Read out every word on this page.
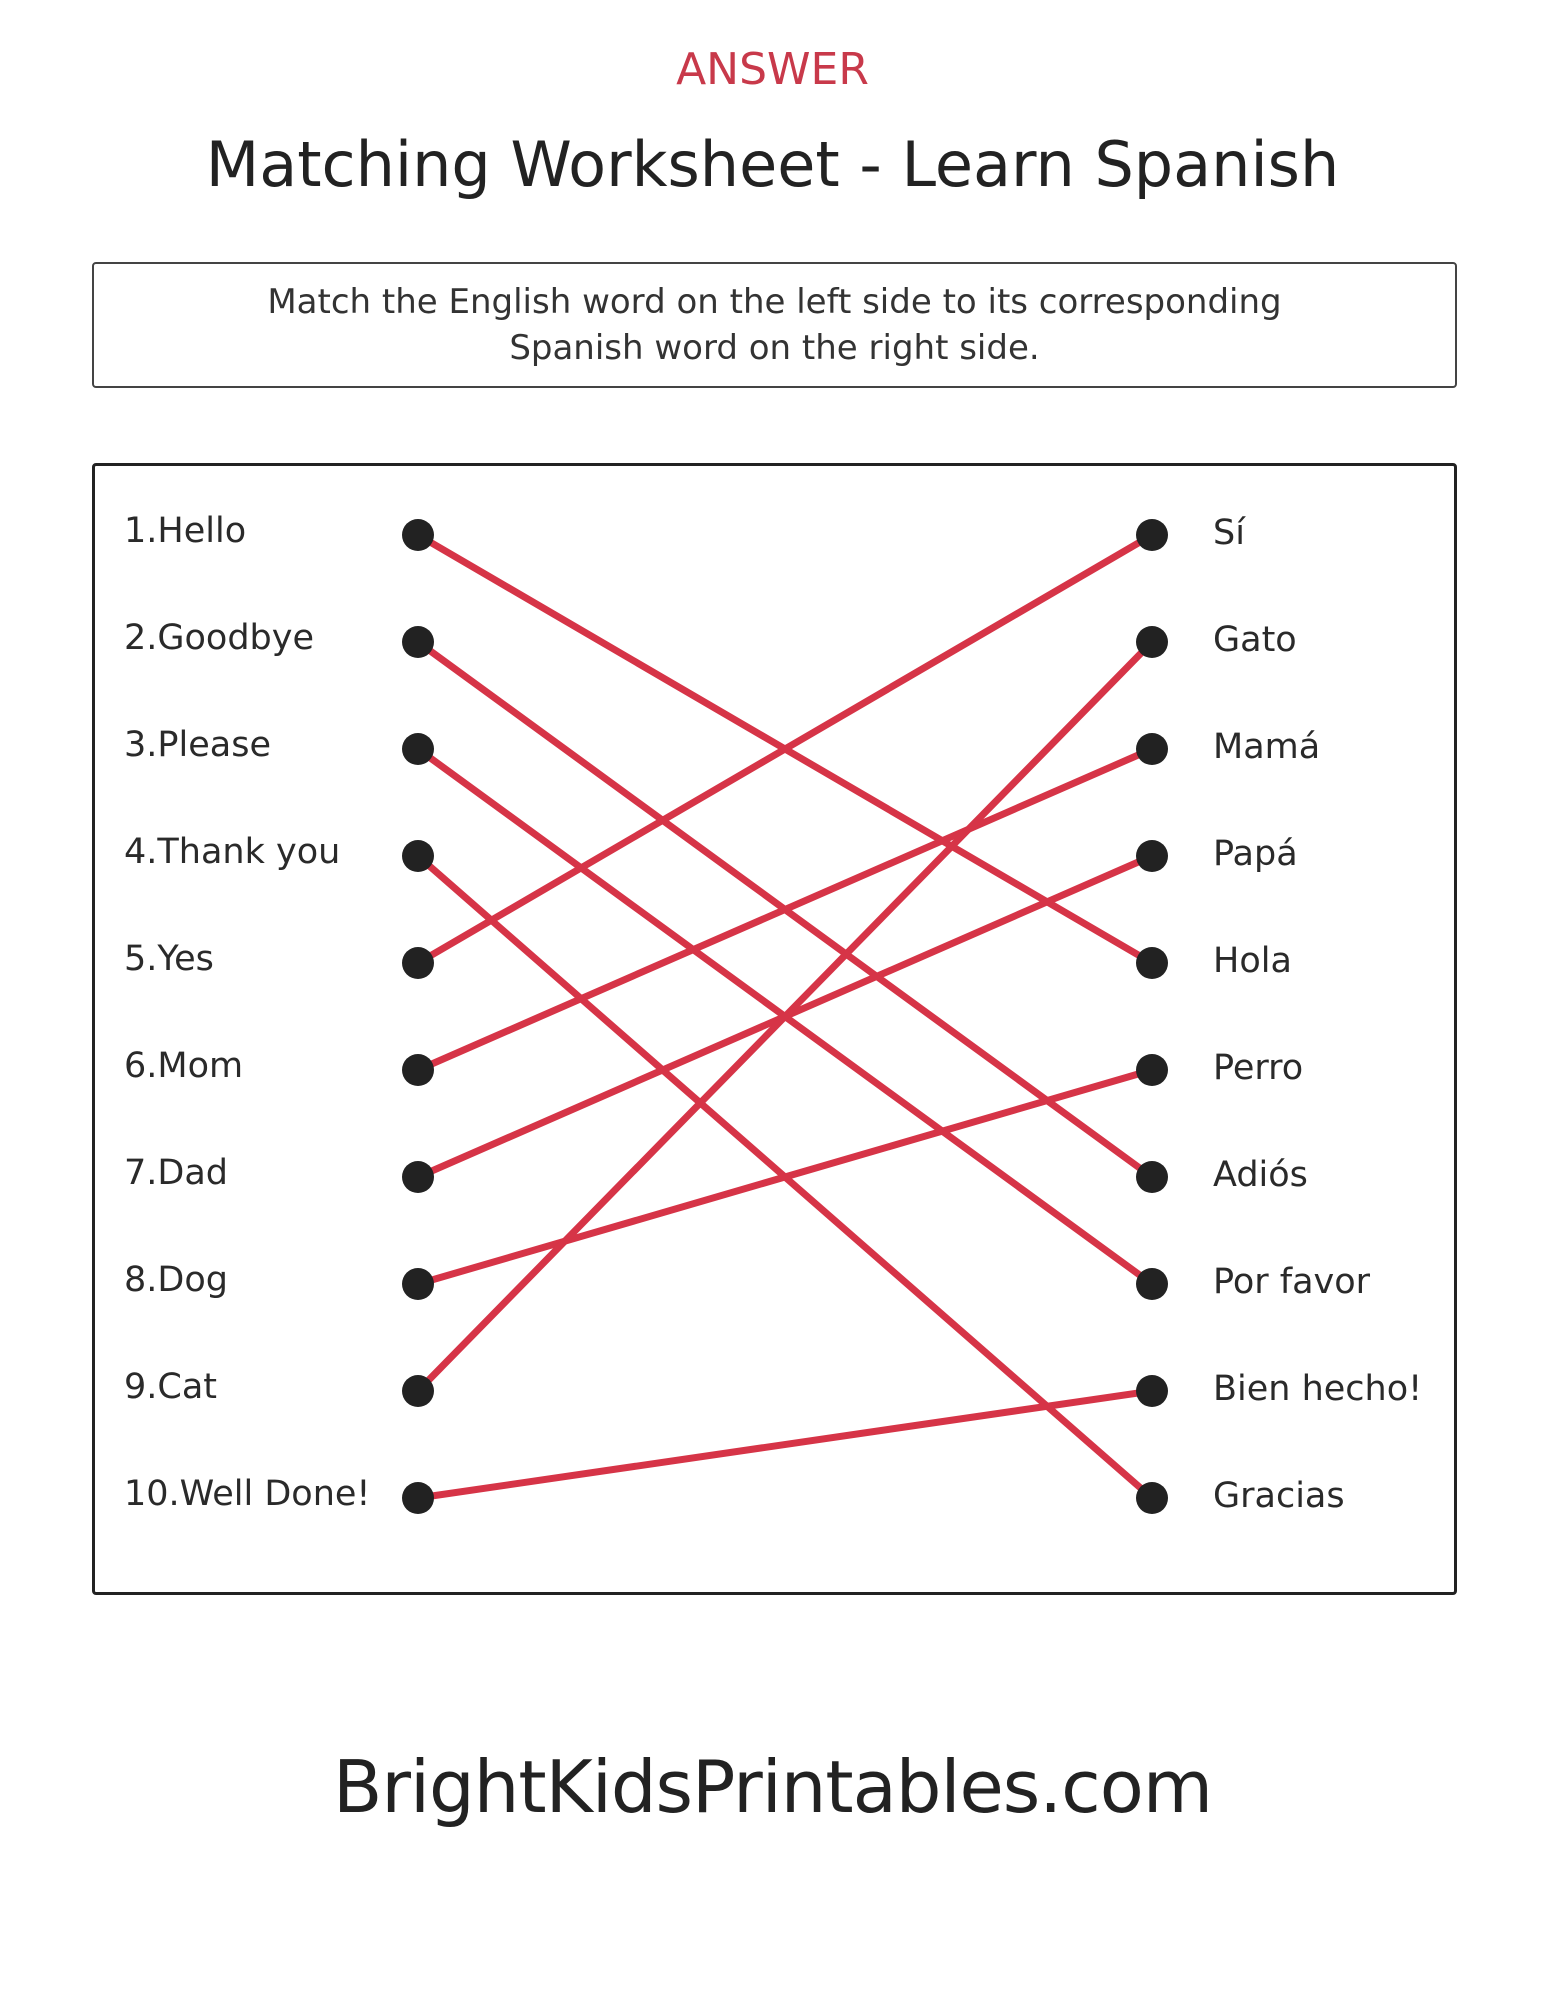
ANSWER
Matching Worksheet - Learn Spanish
Match the English word on the left side to its corresponding
Spanish word on the right side.
1.Hello
2.Goodbye
3.Please
4.Thank you
5.Yes
6.Mom
7.Dad
8.Dog
9.Cat
10.Well Done!
Sí
Gato
Mamá
Papá
Hola
Perro
Adiós
Por favor
Bien hecho!
Gracias
BrightKidsPrintables.com
